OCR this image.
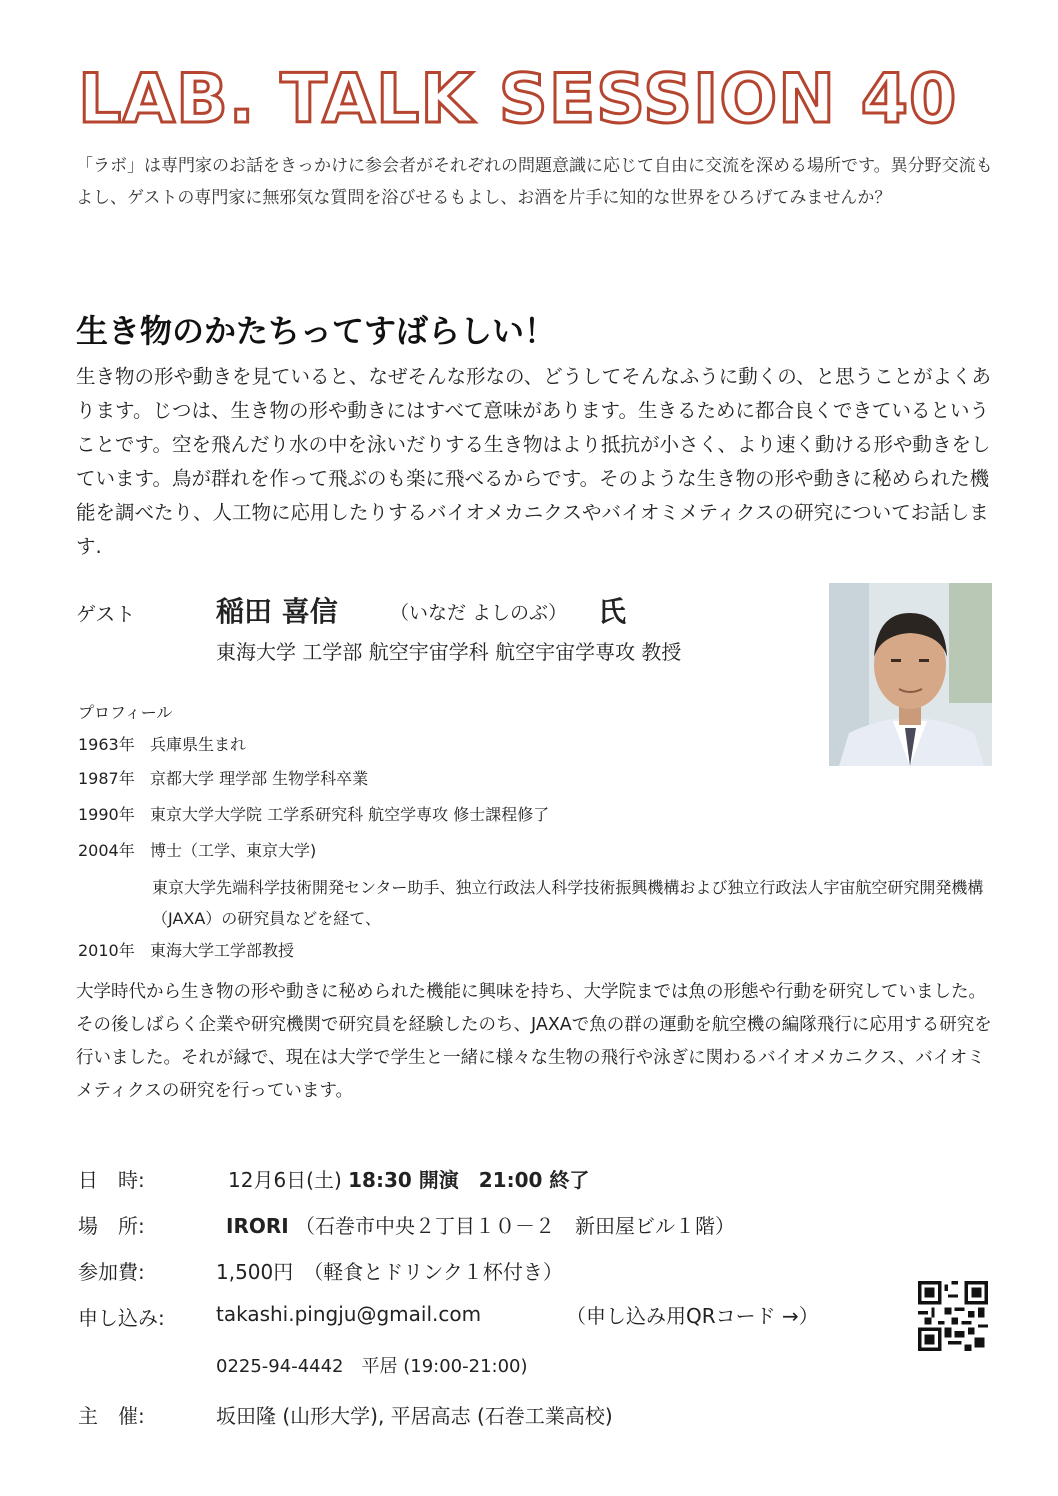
LAB. TALK SESSION 40
「ラボ」は専門家のお話をきっかけに参会者がそれぞれの問題意識に応じて自由に交流を深める場所です。異分野交流もよし、ゲストの専門家に無邪気な質問を浴びせるもよし、お酒を片手に知的な世界をひろげてみませんか？
生き物のかたちってすばらしい！
生き物の形や動きを見ていると、なぜそんな形なの、どうしてそんなふうに動くの、と思うことがよくあります。じつは、生き物の形や動きにはすべて意味があります。生きるために都合良くできているということです。空を飛んだり水の中を泳いだりする生き物はより抵抗が小さく、より速く動ける形や動きをしています。鳥が群れを作って飛ぶのも楽に飛べるからです。そのような生き物の形や動きに秘められた機能を調べたり、人工物に応用したりするバイオメカニクスやバイオミメティクスの研究についてお話します.
ゲスト	稲田 喜信	（いなだ よしのぶ） 氏
東海大学 工学部 航空宇宙学科 航空宇宙学専攻 教授
プロフィール
1963年 兵庫県生まれ
1987年 京都大学 理学部 生物学科卒業
1990年 東京大学大学院 工学系研究科 航空学専攻 修士課程修了
2004年 博士（工学、東京大学)
東京大学先端科学技術開発センター助手、独立行政法人科学技術振興機構および独立行政法人宇宙航空研究開発機構（JAXA）の研究員などを経て、
2010年 東海大学工学部教授
大学時代から生き物の形や動きに秘められた機能に興味を持ち、大学院までは魚の形態や行動を研究していました。その後しばらく企業や研究機関で研究員を経験したのち、JAXAで魚の群の運動を航空機の編隊飛行に応用する研究を行いました。それが縁で、現在は大学で学生と一緒に様々な生物の飛行や泳ぎに関わるバイオメカニクス、バイオミメティクスの研究を行っています。
日　時:	12月6日(土) 18:30 開演　21:00 終了
場　所:	IRORI （石巻市中央２丁目１０－２　新田屋ビル１階）
参加費:	1,500円　（軽食とドリンク１杯付き）
申し込み:	takashi.pingju@gmail.com	（申し込み用QRコード →）
0225-94-4442　平居 (19:00-21:00)
主　催:	坂田隆 (山形大学), 平居高志 (石巻工業高校)
